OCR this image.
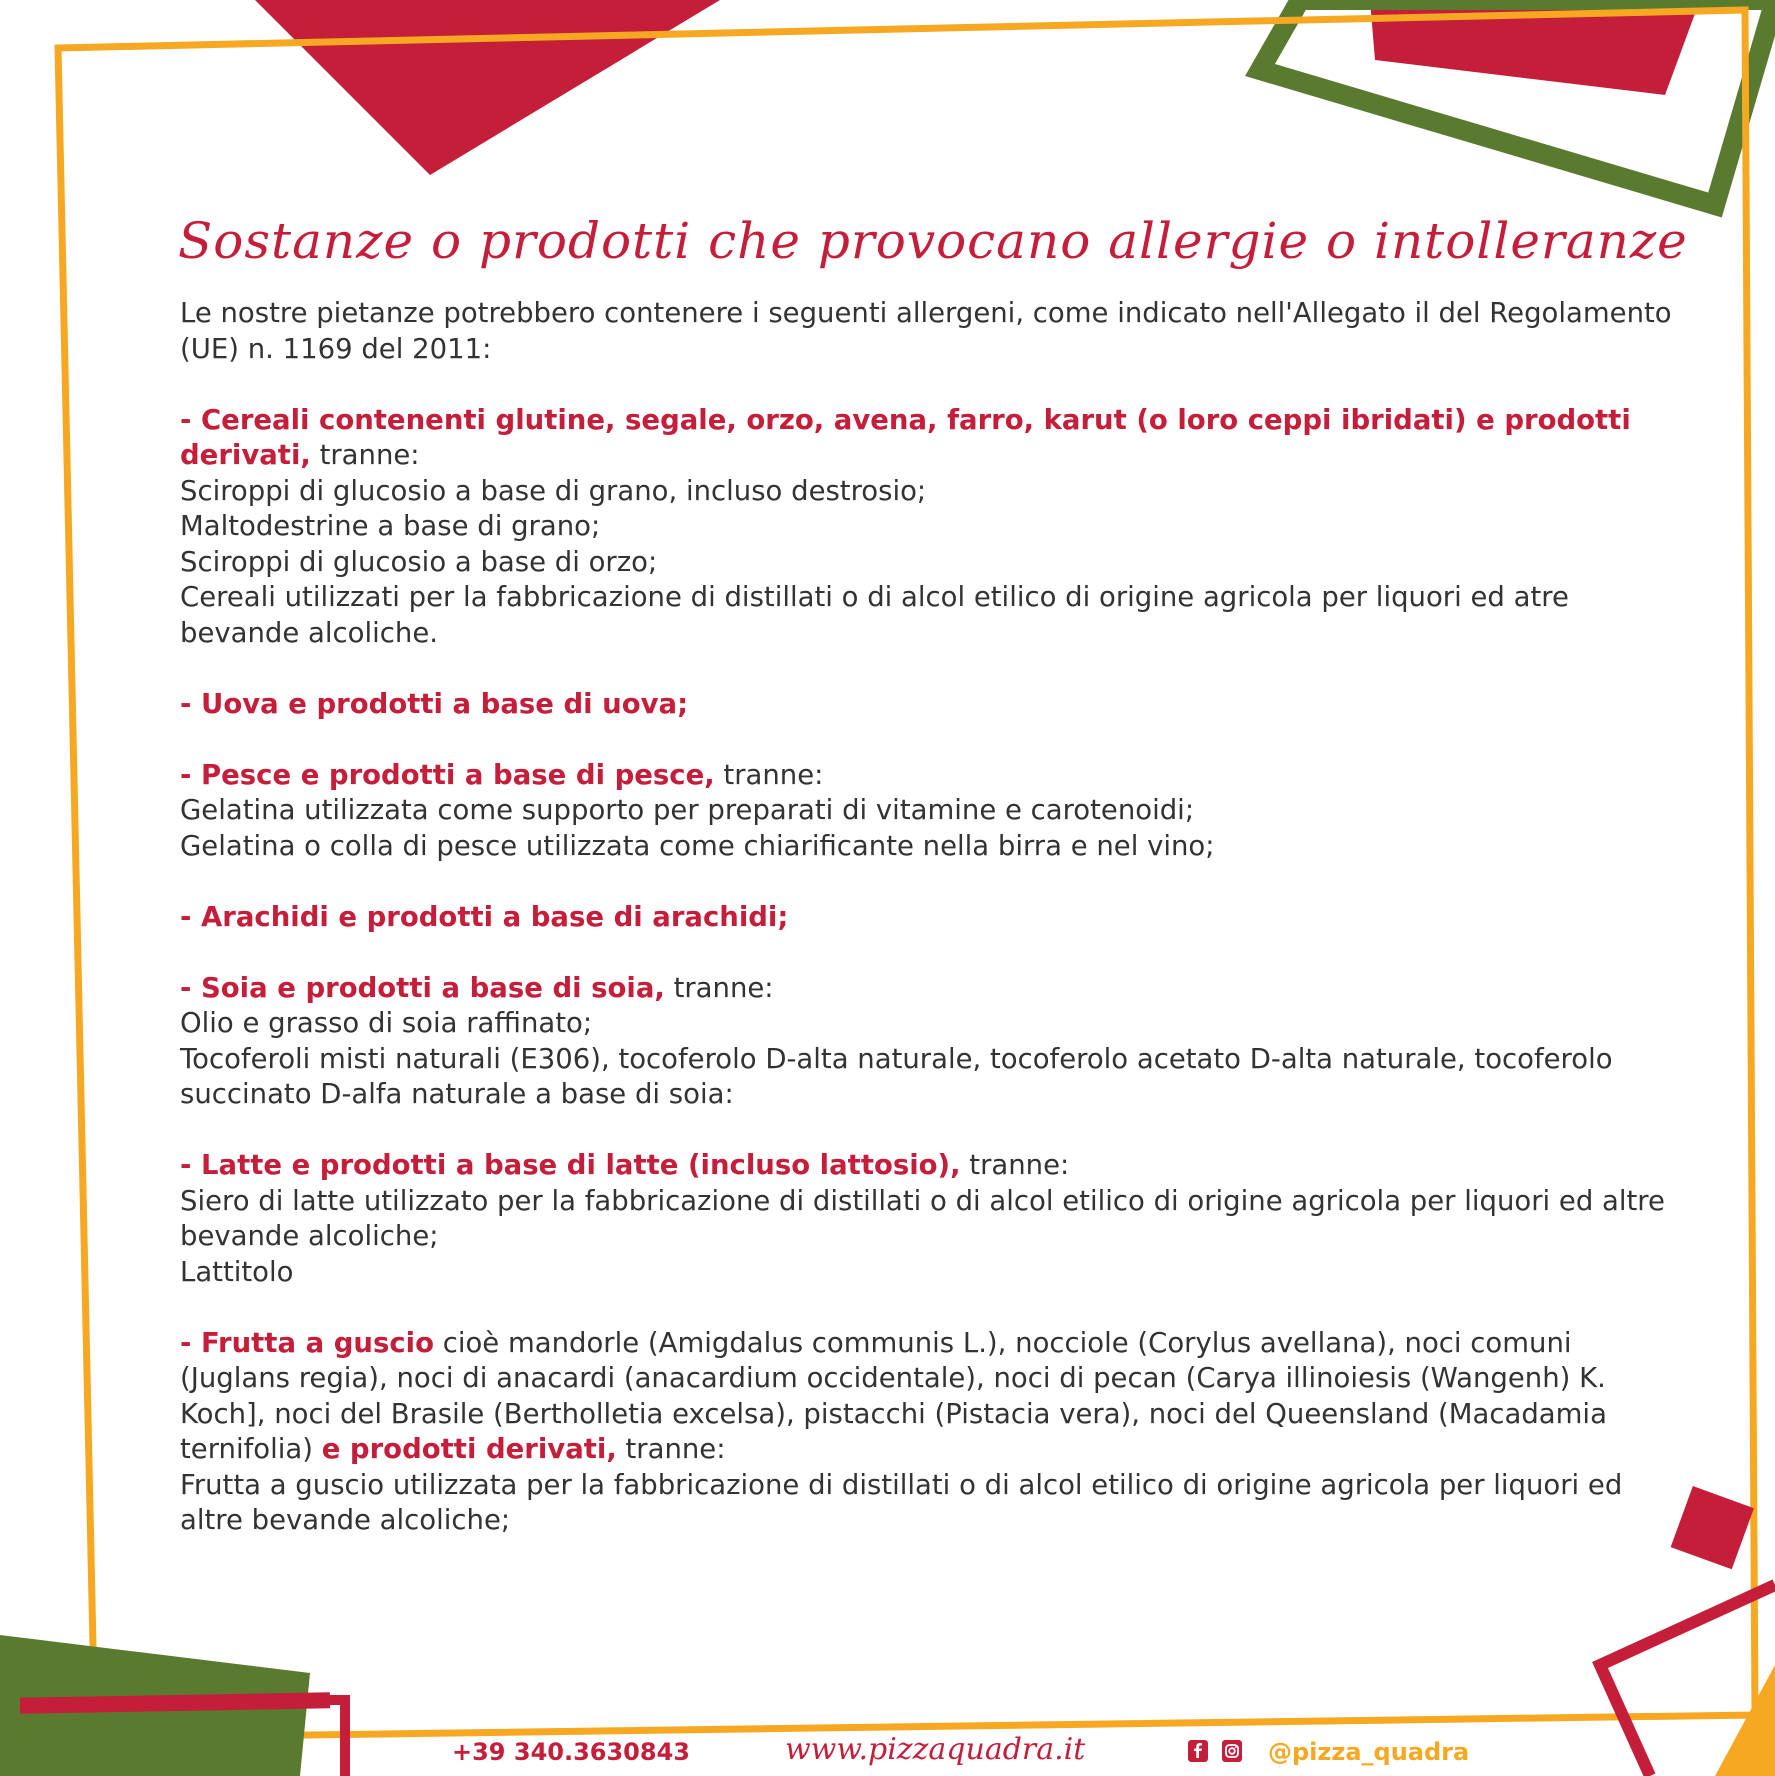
Sostanze o prodotti che provocano allergie o intolleranze

Le nostre pietanze potrebbero contenere i seguenti allergeni, come indicato nell'Allegato il del Regolamento (UE) n. 1169 del 2011:

- Cereali contenenti glutine, segale, orzo, avena, farro, karut (o loro ceppi ibridati) e prodotti derivati, tranne:

Sciroppi di glucosio a base di grano, incluso destrosio;

Maltodestrine a base di grano;

Sciroppi di glucosio a base di orzo;

Cereali utilizzati per la fabbricazione di distillati o di alcol etilico di origine agricola per liquori ed atre bevande alcoliche.

- Uova e prodotti a base di uova;

- Pesce e prodotti a base di pesce, tranne:

Gelatina utilizzata come supporto per preparati di vitamine e carotenoidi;

Gelatina o colla di pesce utilizzata come chiarificante nella birra e nel vino;

- Arachidi e prodotti a base di arachidi;

- Soia e prodotti a base di soia, tranne:

Olio e grasso di soia raffinato;

Tocoferoli misti naturali (E306), tocoferolo D-alta naturale, tocoferolo acetato D-alta naturale, tocoferolo succinato D-alfa naturale a base di soia:

- Latte e prodotti a base di latte (incluso lattosio), tranne:

Siero di latte utilizzato per la fabbricazione di distillati o di alcol etilico di origine agricola per liquori ed altre bevande alcoliche;

Lattitolo

- Frutta a guscio cioè mandorle (Amigdalus communis L.), nocciole (Corylus avellana), noci comuni (Juglans regia), noci di anacardi (anacardium occidentale), noci di pecan (Carya illinoiesis (Wangenh) K. Koch], noci del Brasile (Bertholletia excelsa), pistacchi (Pistacia vera), noci del Queensland (Macadamia ternifolia) e prodotti derivati, tranne:

Frutta a guscio utilizzata per la fabbricazione di distillati o di alcol etilico di origine agricola per liquori ed altre bevande alcoliche;

+39 340.3630843	www.pizzaquadra.it	@pizza_quadra
